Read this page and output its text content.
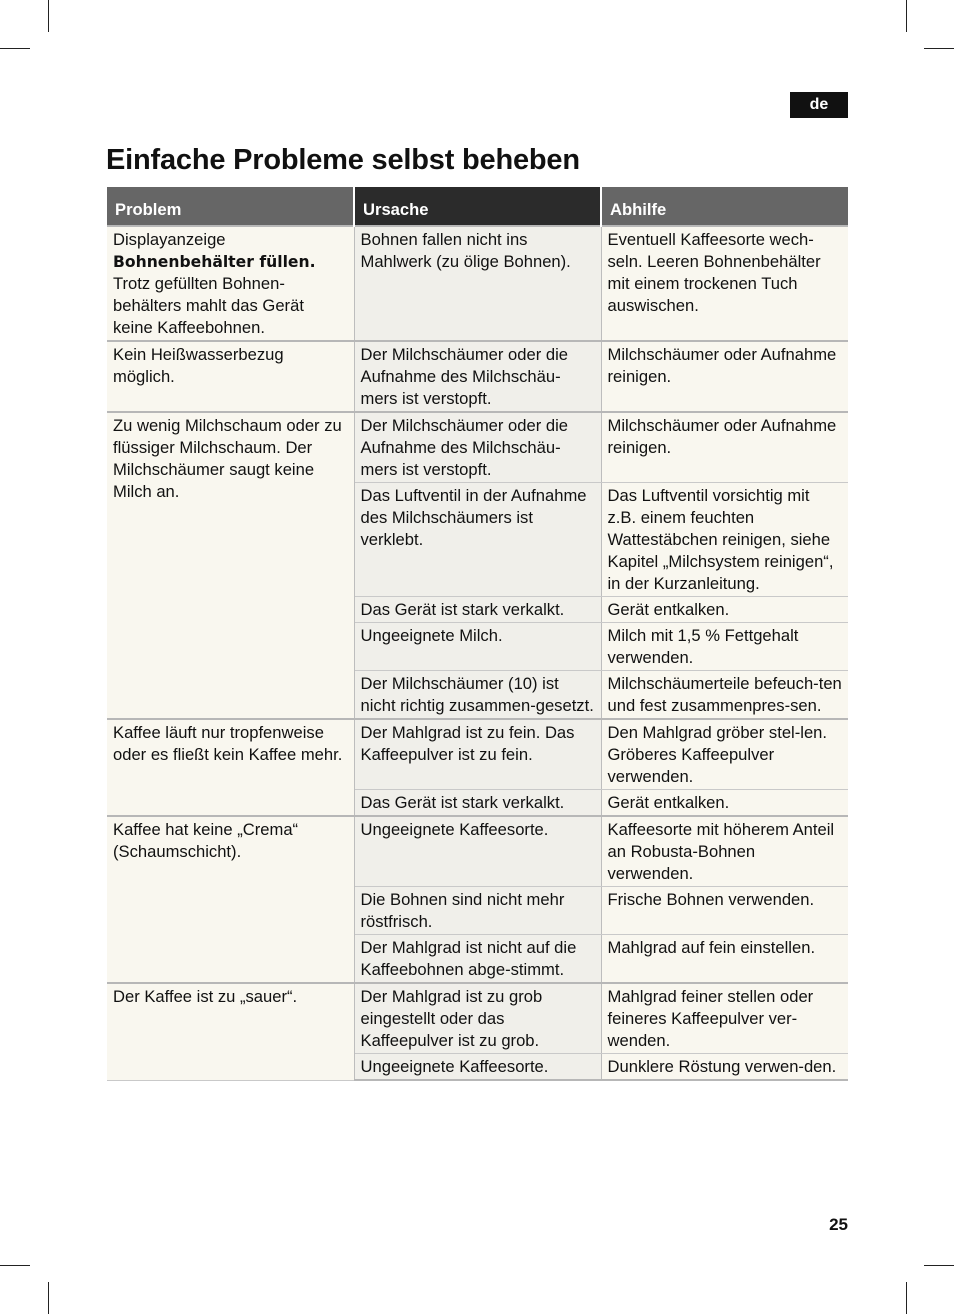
de
Einfache Probleme selbst beheben
Problem	Ursache	Abhilfe
Displayanzeige
Bohnenbehälter füllen.
Trotz gefüllten Bohnen-behälters mahlt das Gerät keine Kaffeebohnen.	Bohnen fallen nicht ins Mahlwerk (zu ölige Bohnen).	Eventuell Kaffeesorte wech-seln. Leeren Bohnenbehälter mit einem trockenen Tuch auswischen.
Kein Heißwasserbezug möglich.	Der Milchschäumer oder die Aufnahme des Milchschäu-mers ist verstopft.	Milchschäumer oder Aufnahme reinigen.
Zu wenig Milchschaum oder zu flüssiger Milchschaum. Der Milchschäumer saugt keine Milch an.	Der Milchschäumer oder die Aufnahme des Milchschäu-mers ist verstopft.	Milchschäumer oder Aufnahme reinigen.
	Das Luftventil in der Aufnahme des Milchschäumers ist verklebt.	Das Luftventil vorsichtig mit z.B. einem feuchten Wattestäbchen reinigen, siehe Kapitel „Milchsystem reinigen“, in der Kurzanleitung.
	Das Gerät ist stark verkalkt.	Gerät entkalken.
	Ungeeignete Milch.	Milch mit 1,5 % Fettgehalt verwenden.
	Der Milchschäumer (10) ist nicht richtig zusammen-gesetzt.	Milchschäumerteile befeuch-ten und fest zusammenpres-sen.
Kaffee läuft nur tropfenweise oder es fließt kein Kaffee mehr.	Der Mahlgrad ist zu fein. Das Kaffeepulver ist zu fein.	Den Mahlgrad gröber stel-len. Gröberes Kaffeepulver verwenden.
	Das Gerät ist stark verkalkt.	Gerät entkalken.
Kaffee hat keine „Crema“ (Schaumschicht).	Ungeeignete Kaffeesorte.	Kaffeesorte mit höherem Anteil an Robusta-Bohnen verwenden.
	Die Bohnen sind nicht mehr röstfrisch.	Frische Bohnen verwenden.
	Der Mahlgrad ist nicht auf die Kaffeebohnen abge-stimmt.	Mahlgrad auf fein einstellen.
Der Kaffee ist zu „sauer“.	Der Mahlgrad ist zu grob eingestellt oder das Kaffeepulver ist zu grob.	Mahlgrad feiner stellen oder feineres Kaffeepulver ver-wenden.
	Ungeeignete Kaffeesorte.	Dunklere Röstung verwen-den.
25
